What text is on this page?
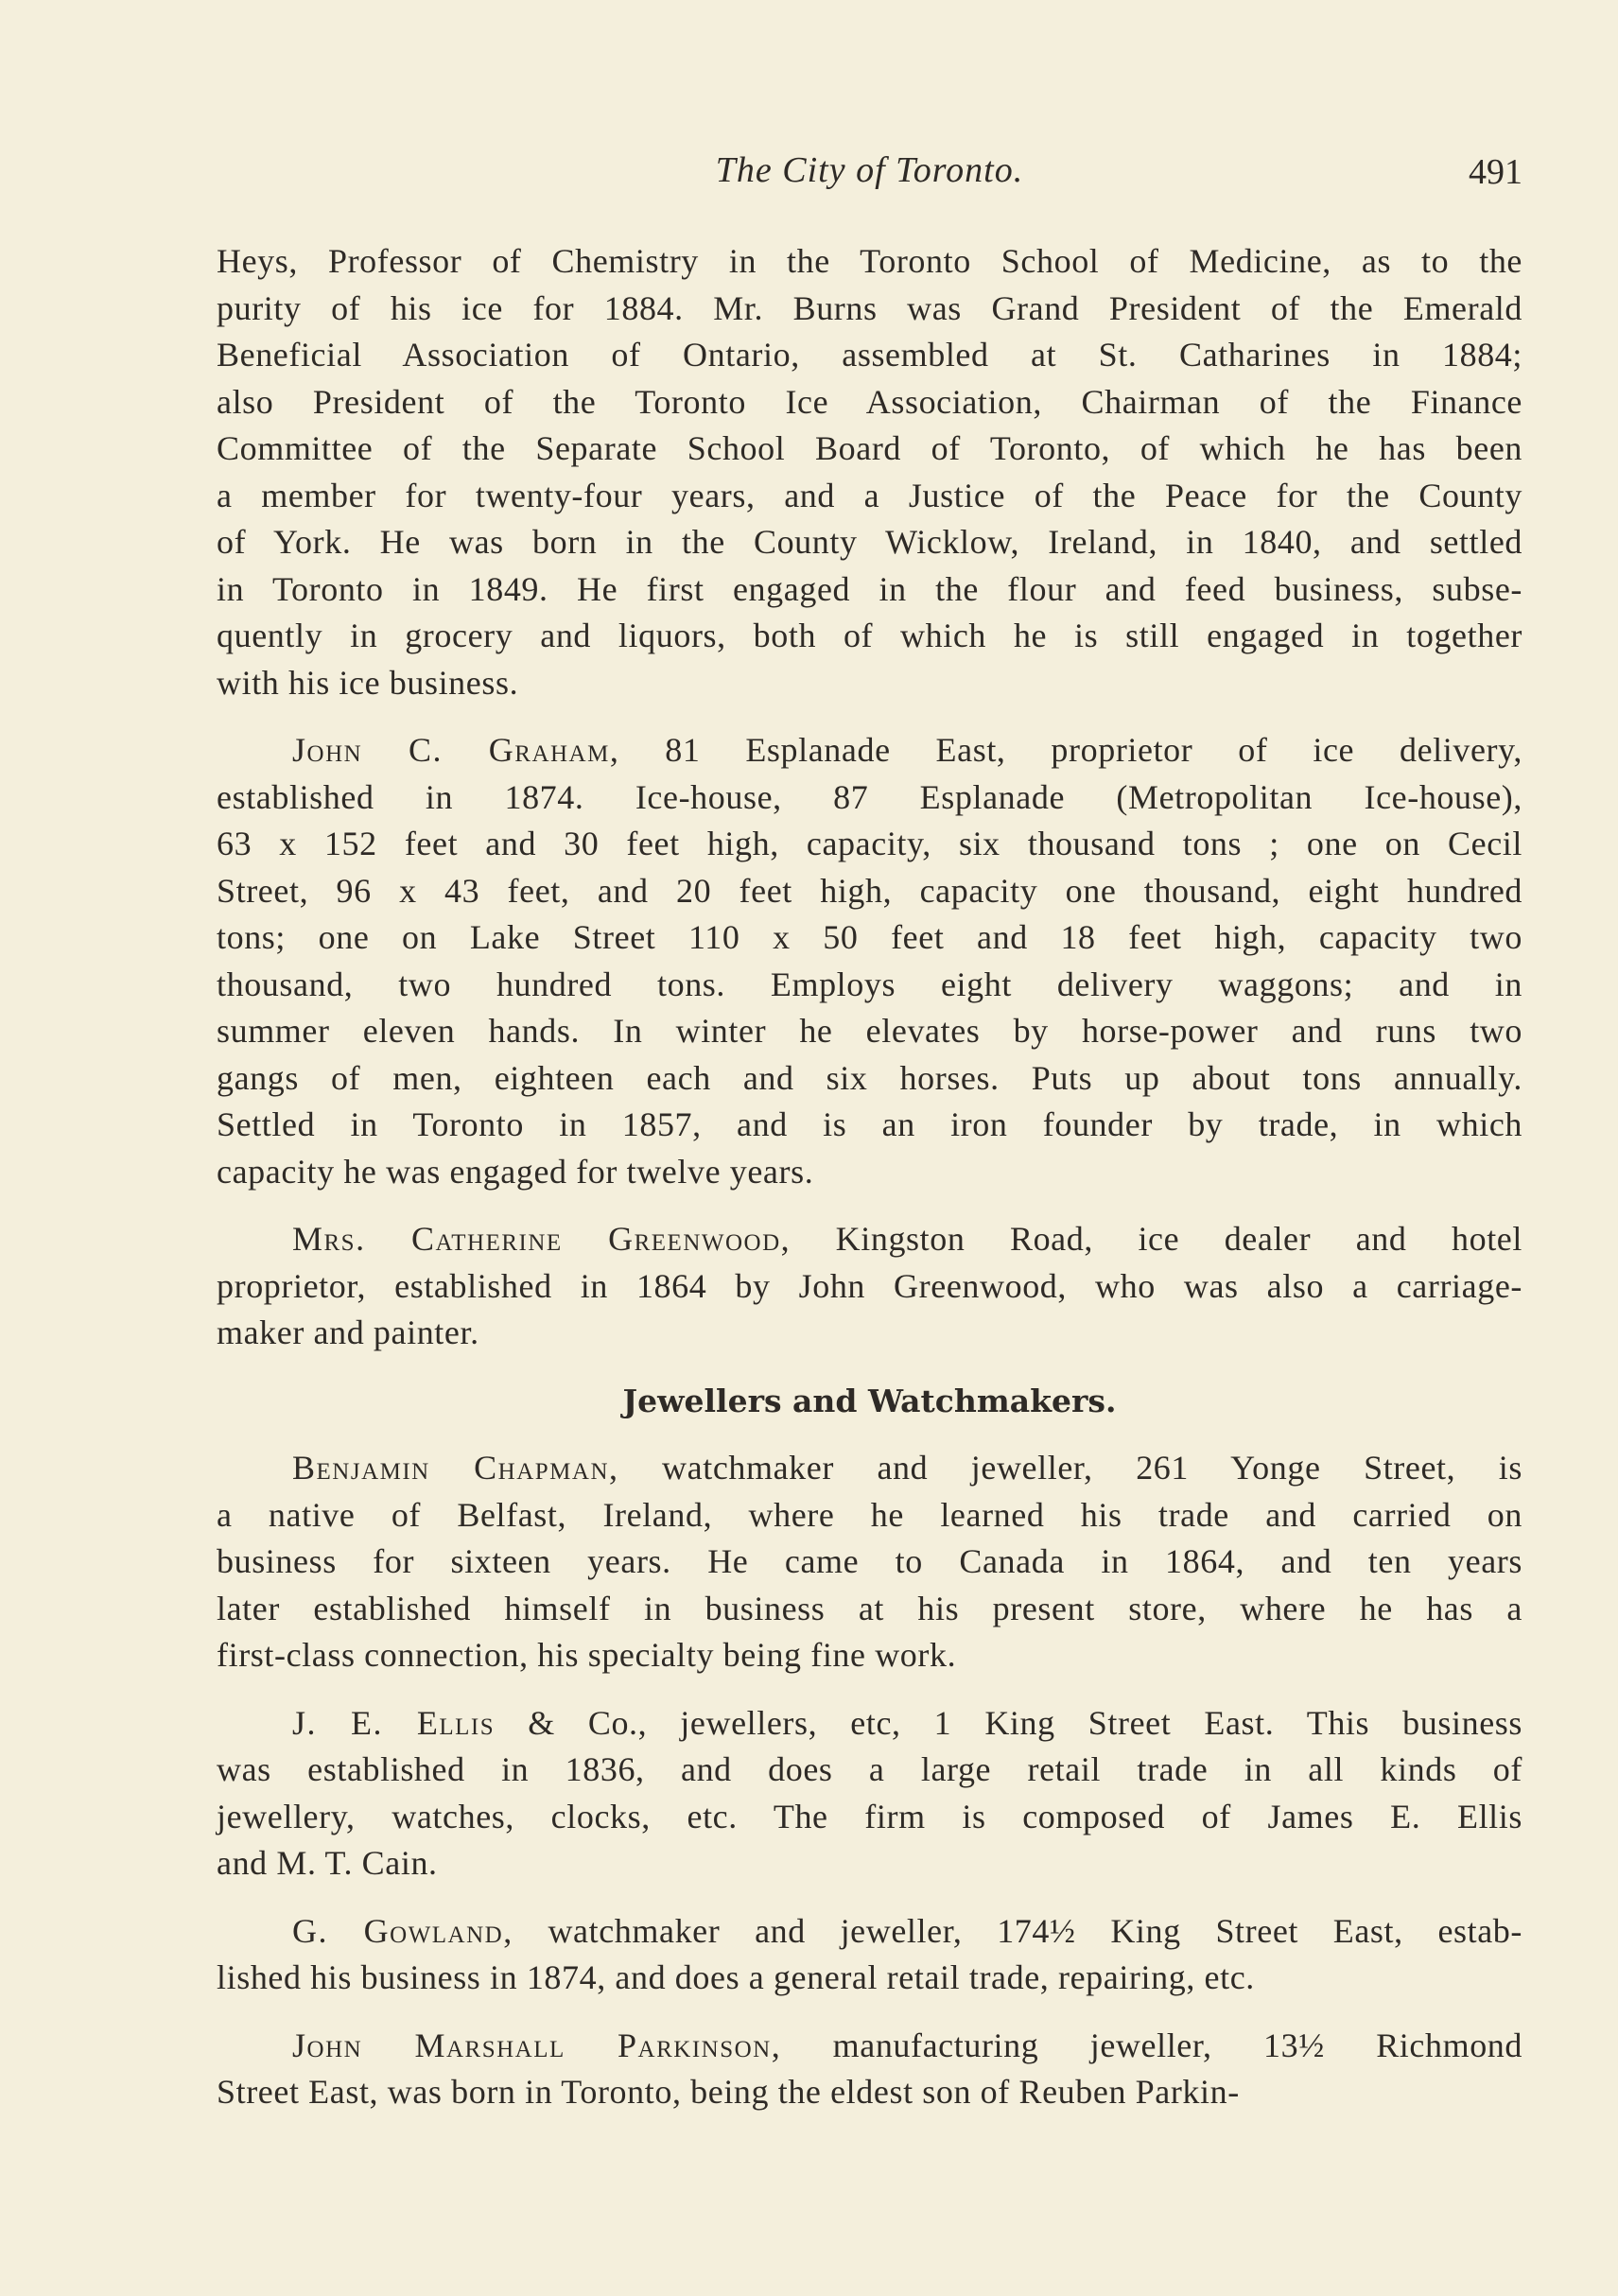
The City of Toronto.	491
Heys, Professor of Chemistry in the Toronto School of Medicine, as to the
purity of his ice for 1884. Mr. Burns was Grand President of the Emerald
Beneficial Association of Ontario, assembled at St. Catharines in 1884;
also President of the Toronto Ice Association, Chairman of the Finance
Committee of the Separate School Board of Toronto, of which he has been
a member for twenty-four years, and a Justice of the Peace for the County
of York. He was born in the County Wicklow, Ireland, in 1840, and settled
in Toronto in 1849. He first engaged in the flour and feed business, subse-
quently in grocery and liquors, both of which he is still engaged in together
with his ice business.
John C. Graham, 81 Esplanade East, proprietor of ice delivery,
established in 1874. Ice-house, 87 Esplanade (Metropolitan Ice-house),
63 x 152 feet and 30 feet high, capacity, six thousand tons ; one on Cecil
Street, 96 x 43 feet, and 20 feet high, capacity one thousand, eight hundred
tons; one on Lake Street 110 x 50 feet and 18 feet high, capacity two
thousand, two hundred tons. Employs eight delivery waggons; and in
summer eleven hands. In winter he elevates by horse-power and runs two
gangs of men, eighteen each and six horses. Puts up about tons annually.
Settled in Toronto in 1857, and is an iron founder by trade, in which
capacity he was engaged for twelve years.
Mrs. Catherine Greenwood, Kingston Road, ice dealer and hotel
proprietor, established in 1864 by John Greenwood, who was also a carriage-
maker and painter.
Jewellers and Watchmakers.
Benjamin Chapman, watchmaker and jeweller, 261 Yonge Street, is
a native of Belfast, Ireland, where he learned his trade and carried on
business for sixteen years. He came to Canada in 1864, and ten years
later established himself in business at his present store, where he has a
first-class connection, his specialty being fine work.
J. E. Ellis & Co., jewellers, etc, 1 King Street East. This business
was established in 1836, and does a large retail trade in all kinds of
jewellery, watches, clocks, etc. The firm is composed of James E. Ellis
and M. T. Cain.
G. Gowland, watchmaker and jeweller, 174½ King Street East, estab-
lished his business in 1874, and does a general retail trade, repairing, etc.
John Marshall Parkinson, manufacturing jeweller, 13½ Richmond
Street East, was born in Toronto, being the eldest son of Reuben Parkin-
